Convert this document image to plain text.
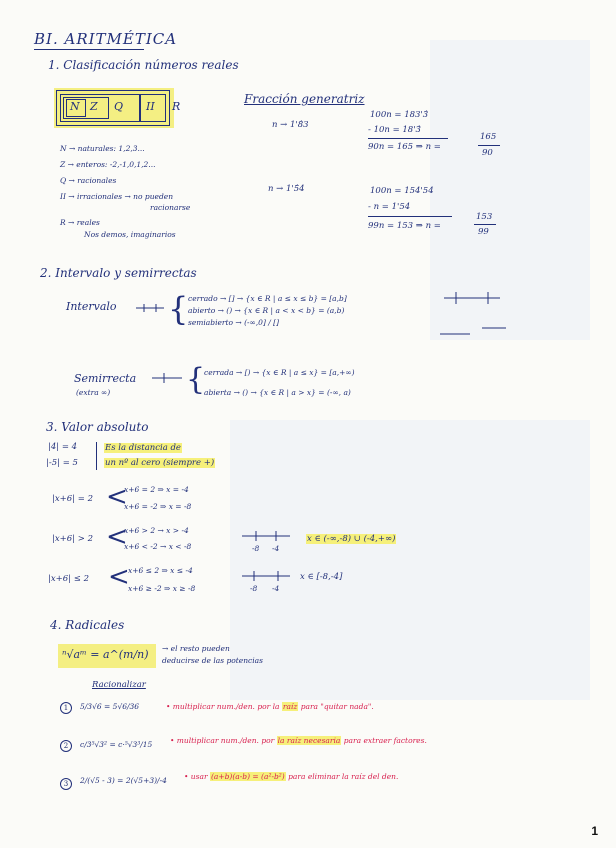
BI. ARITMÉTICA
1. Clasificación números reales
N Z Q II R
N → naturales: 1,2,3...
Z → enteros: -2,-1,0,1,2...
Q → racionales
II → irracionales → no pueden
racionarse
R → reales
Nos demos, imaginarios
Fracción generatriz
n → 1'8̂3
100n = 183'3̂
- 10n = 18'3̂
90n = 165 ⇒ n =
165
90
n → 1'5̂4	100n = 154'54
- n = 1'54
99n = 153 ⇒ n =
153
99
2. Intervalo y semirrectas
Intervalo { cerrado → [] → {x ∈ R | a ≤ x ≤ b} = [a,b]
abierto → () → {x ∈ R | a < x < b} = (a,b)
semiabierto → (-∞,0] / []
Semirrecta
(extra ∞)	{
cerrada → [) → {x ∈ R | a ≤ x} = [a,+∞)
abierta → () → {x ∈ R | a > x} = (-∞, a)
3. Valor absoluto
|4| = 4
|-5| = 5
Es la distancia de
un nº al cero (siempre +)
|x+6| = 2 <
x+6 = 2 ⇒ x = -4
x+6 = -2 ⇒ x = -8
|x+6| > 2 <
x+6 > 2 → x > -4
x+6 < -2 → x < -8	-8 -4
x ∈ (-∞,-8) ∪ (-4,+∞)
|x+6| ≤ 2 <
x+6 ≤ 2 ⇒ x ≤ -4
x+6 ≥ -2 ⇒ x ≥ -8	-8 -4
x ∈ [-8,-4]
4. Radicales
ⁿ√aᵐ = a^(m/n) → el resto pueden
deducirse de las potencias
Racionalizar
1	5/3√6 = 5√6/36	• multiplicar num./den. por la raíz para "quitar nada".
2	c/3⁵√3² = c·⁵√3³/15 • multiplicar num./den. por la raíz necesaria para extraer factores.
3	2/(√5 - 3) = 2(√5+3)/-4 • usar (a+b)(a-b) = (a²-b²) para eliminar la raíz del den.
1
